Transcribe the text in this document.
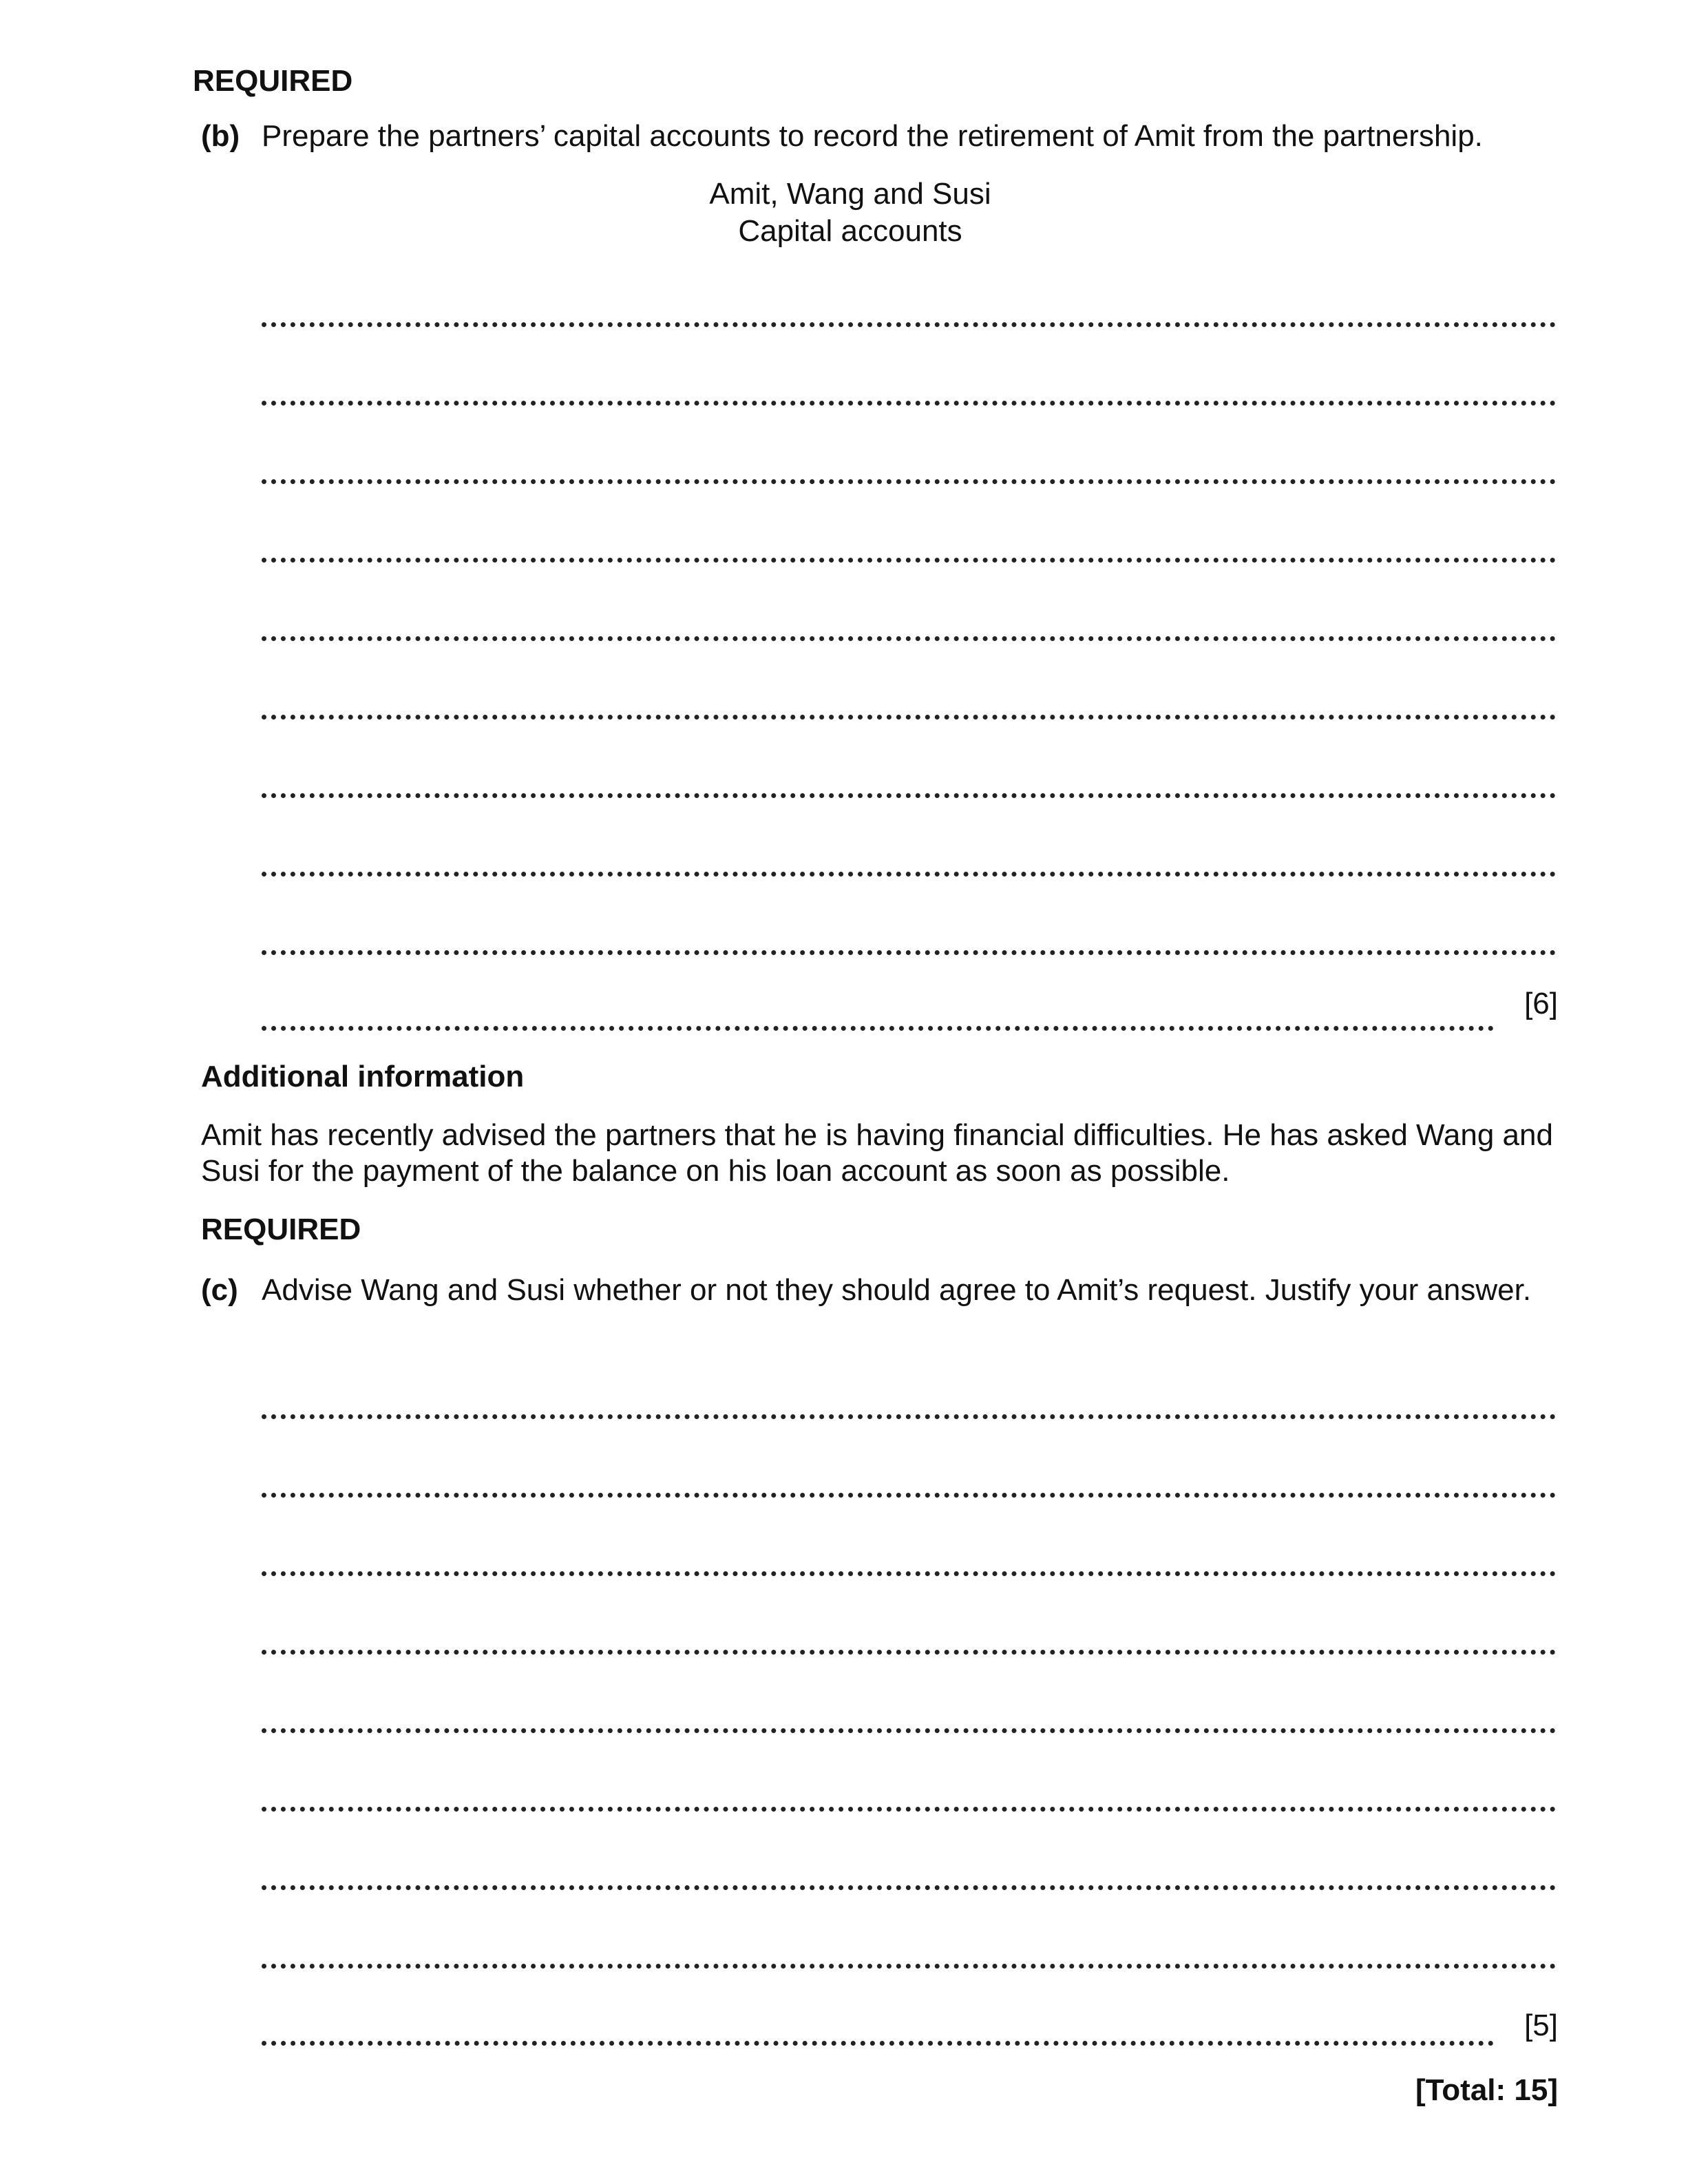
REQUIRED
(b) Prepare the partners’ capital accounts to record the retirement of Amit from the partnership.
Amit, Wang and Susi
Capital accounts
[6]
Additional information
Amit has recently advised the partners that he is having financial difficulties. He has asked Wang and Susi for the payment of the balance on his loan account as soon as possible.
REQUIRED
(c) Advise Wang and Susi whether or not they should agree to Amit’s request. Justify your answer.
[5]
[Total: 15]
